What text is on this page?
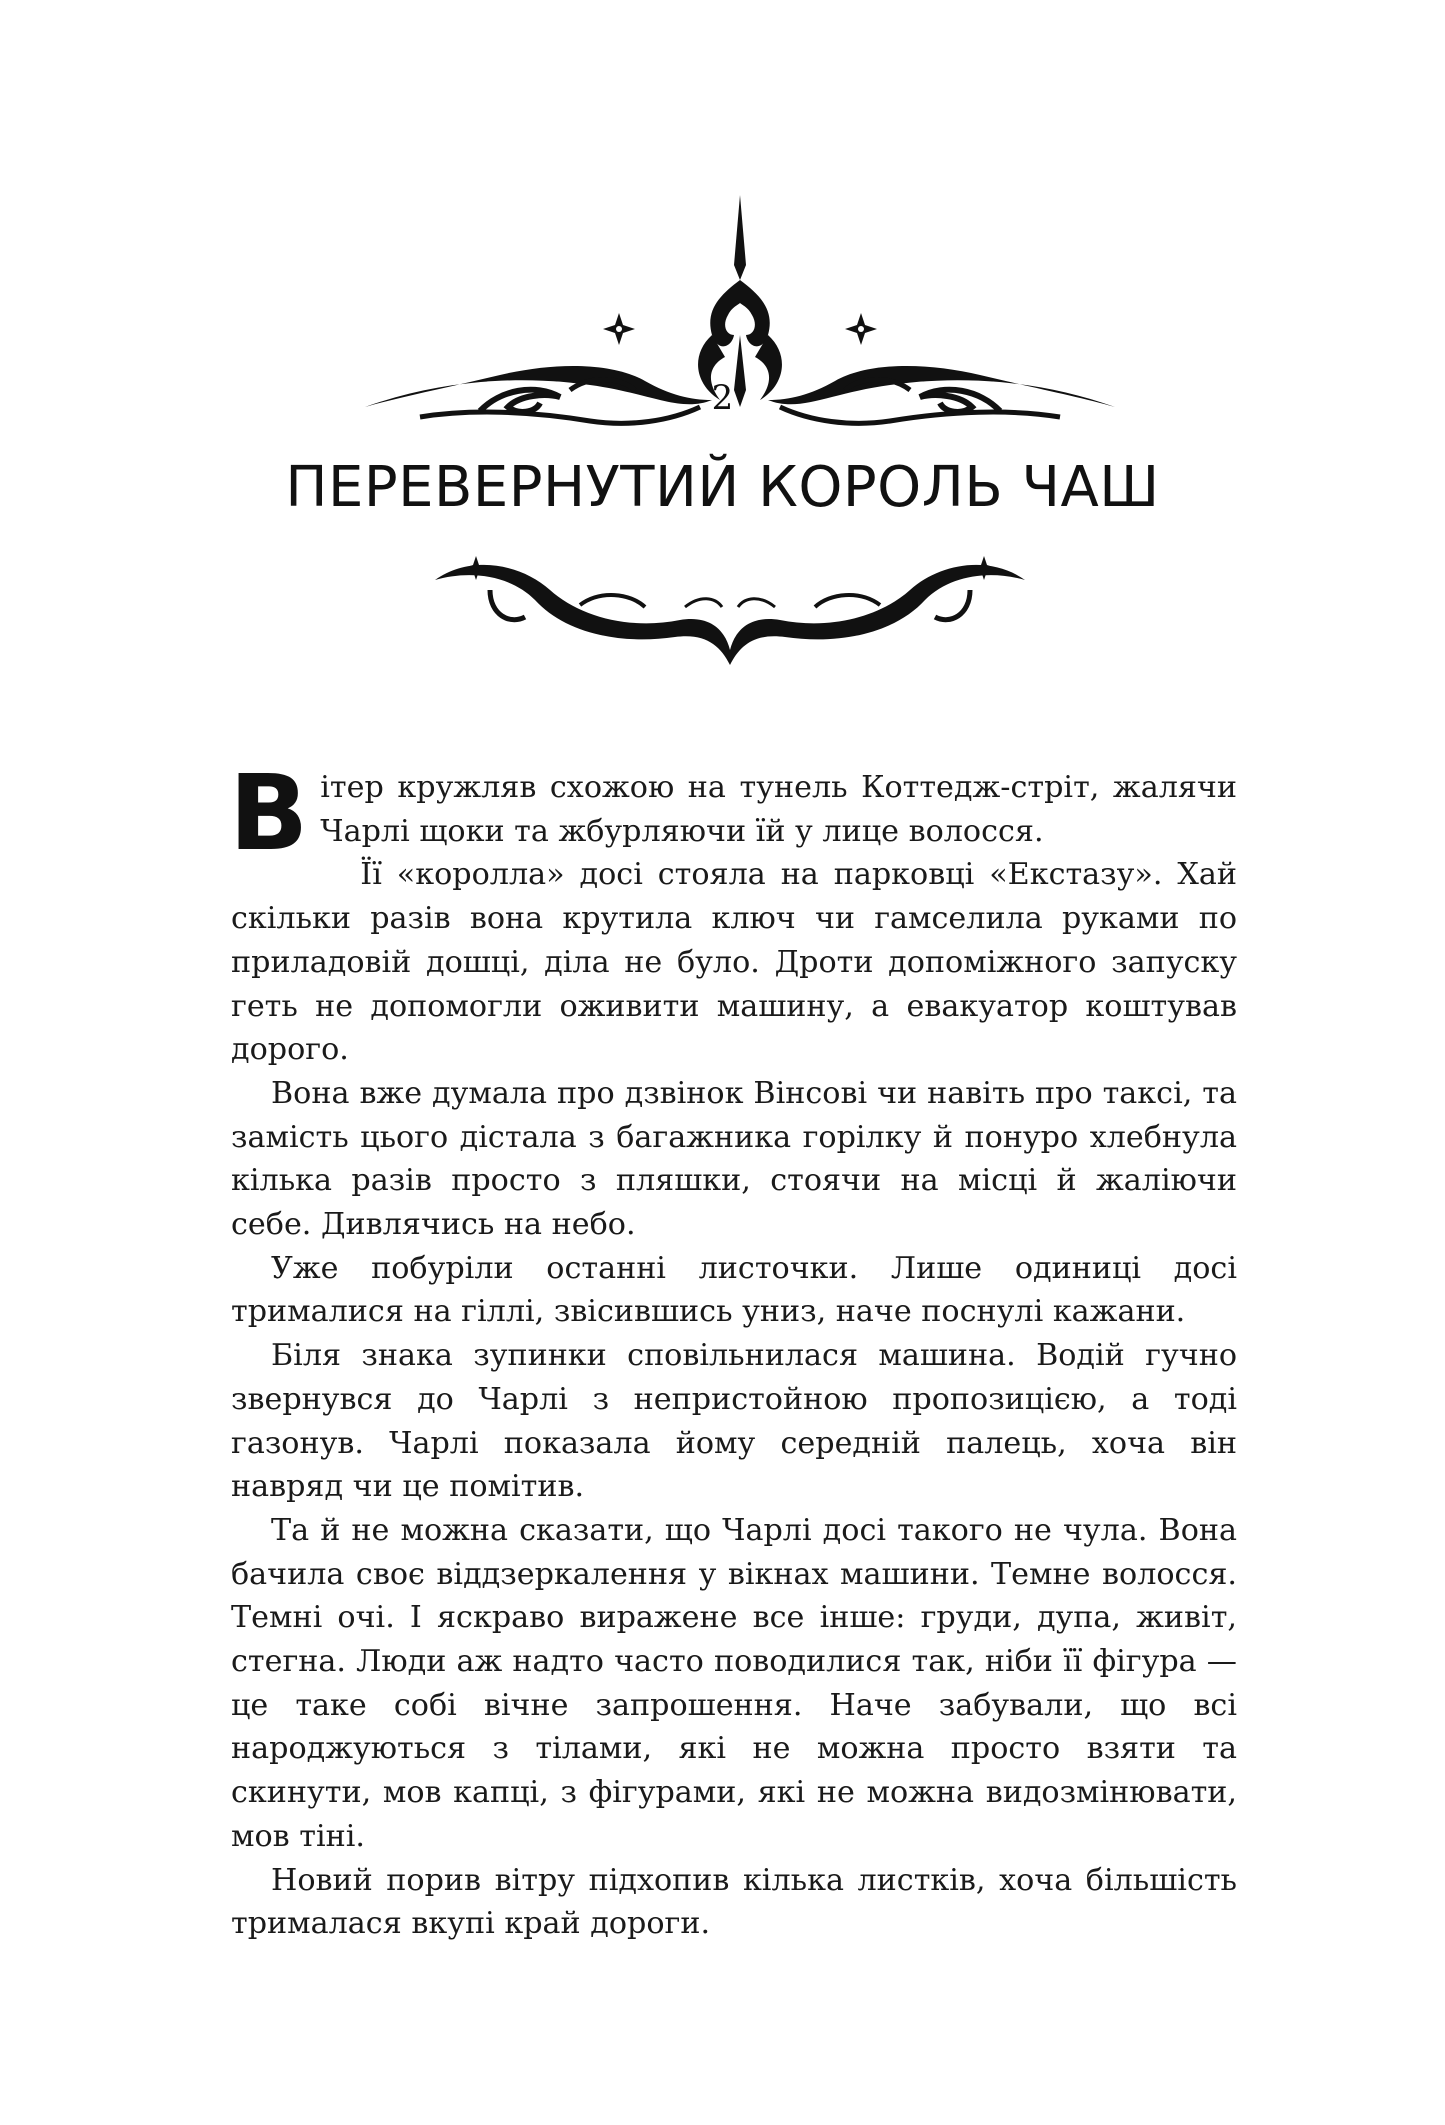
2
ПЕРЕВЕРНУТИЙ КОРОЛЬ ЧАШ

Вітер кружляв схожою на тунель Коттедж-стріт, жалячи Чарлі щоки та жбурляючи їй у лице волосся.

Її «королла» досі стояла на парковці «Екстазу». Хай скільки разів вона крутила ключ чи гамселила руками по приладовій дошці, діла не було. Дроти допоміжного запуску геть не допомогли оживити машину, а евакуатор коштував дорого.

Вона вже думала про дзвінок Вінсові чи навіть про таксі, та замість цього дістала з багажника горілку й понуро хлебнула кілька разів просто з пляшки, стоячи на місці й жаліючи себе. Дивлячись на небо.

Уже побуріли останні листочки. Лише одиниці досі трималися на гіллі, звісившись униз, наче поснулі кажани.

Біля знака зупинки сповільнилася машина. Водій гучно звернувся до Чарлі з непристойною пропозицією, а тоді газонув. Чарлі показала йому середній палець, хоча він навряд чи це помітив.

Та й не можна сказати, що Чарлі досі такого не чула. Вона бачила своє віддзеркалення у вікнах машини. Темне волосся. Темні очі. І яскраво виражене все інше: груди, дупа, живіт, стегна. Люди аж надто часто поводилися так, ніби її фігура — це таке собі вічне запрошення. Наче забували, що всі народжуються з тілами, які не можна просто взяти та скинути, мов капці, з фігурами, які не можна видозмінювати, мов тіні.

Новий порив вітру підхопив кілька листків, хоча більшість трималася вкупі край дороги.
